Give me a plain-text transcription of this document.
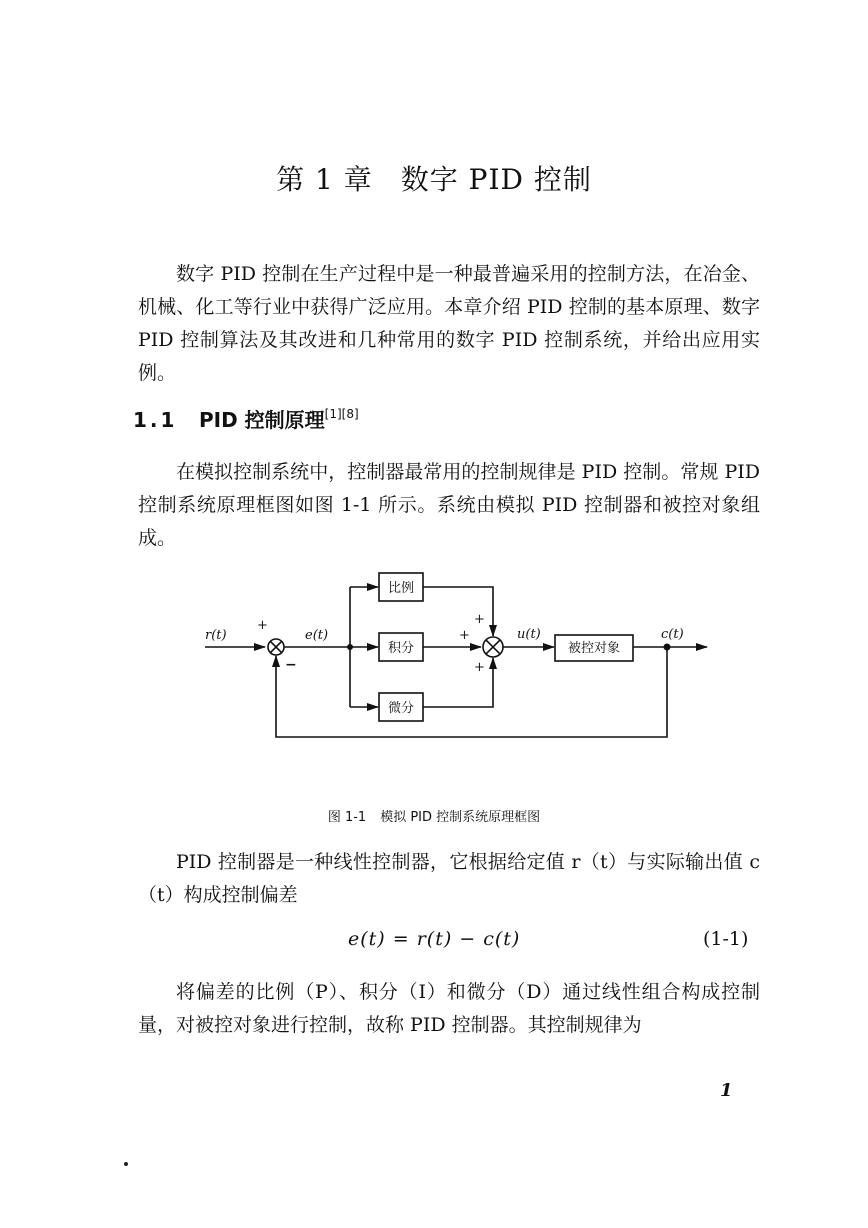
第 1 章 数字 PID 控制

数字 PID 控制在生产过程中是一种最普遍采用的控制方法，在冶金、机械、化工等行业中获得广泛应用。本章介绍 PID 控制的基本原理、数字 PID 控制算法及其改进和几种常用的数字 PID 控制系统，并给出应用实例。

1.1 PID 控制原理[1][8]

在模拟控制系统中，控制器最常用的控制规律是 PID 控制。常规 PID 控制系统原理框图如图 1-1 所示。系统由模拟 PID 控制器和被控对象组成。

比例
积分
微分
被控对象
r(t)	e(t)	u(t)	c(t)
+
−
+
+
+

图 1-1 模拟 PID 控制系统原理框图

PID 控制器是一种线性控制器，它根据给定值 r（t）与实际输出值 c（t）构成控制偏差

e(t) = r(t) − c(t)	(1-1)

将偏差的比例（P）、积分（I）和微分（D）通过线性组合构成控制量，对被控对象进行控制，故称 PID 控制器。其控制规律为

1
